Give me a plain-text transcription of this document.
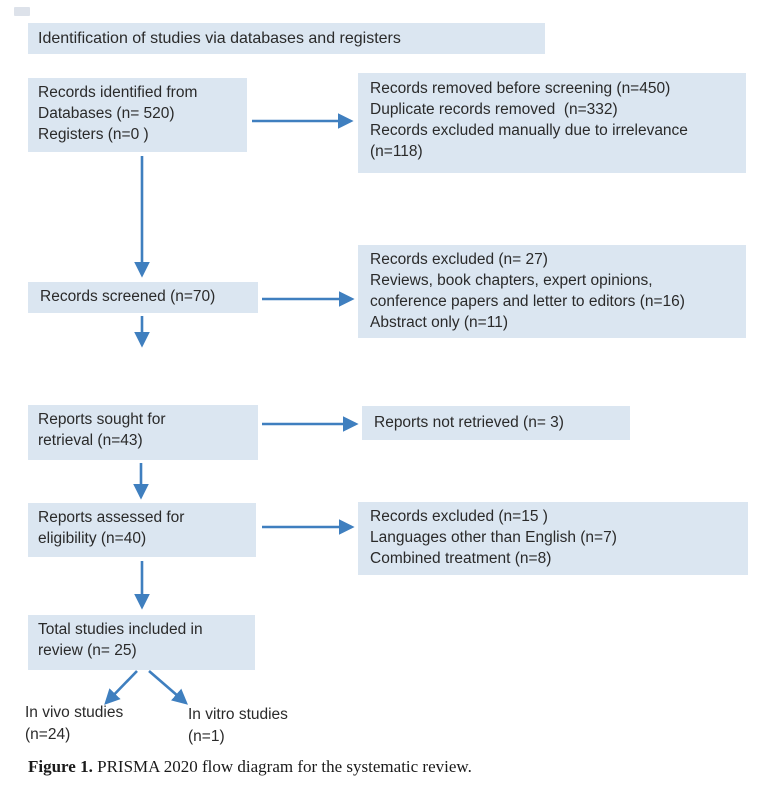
Identification of studies via databases and registers
Records identified from
Databases (n= 520)
Registers (n=0 )
Records screened (n=70)
Reports sought for
retrieval (n=43)
Reports assessed for
eligibility (n=40)
Total studies included in
review (n= 25)
Records removed before screening (n=450)
Duplicate records removed  (n=332)
Records excluded manually due to irrelevance
(n=118)
Records excluded (n= 27)
Reviews, book chapters, expert opinions,
conference papers and letter to editors (n=16)
Abstract only (n=11)
Reports not retrieved (n= 3)
Records excluded (n=15 )
Languages other than English (n=7)
Combined treatment (n=8)
In vivo studies
(n=24)
In vitro studies
(n=1)
Figure 1. PRISMA 2020 flow diagram for the systematic review.
